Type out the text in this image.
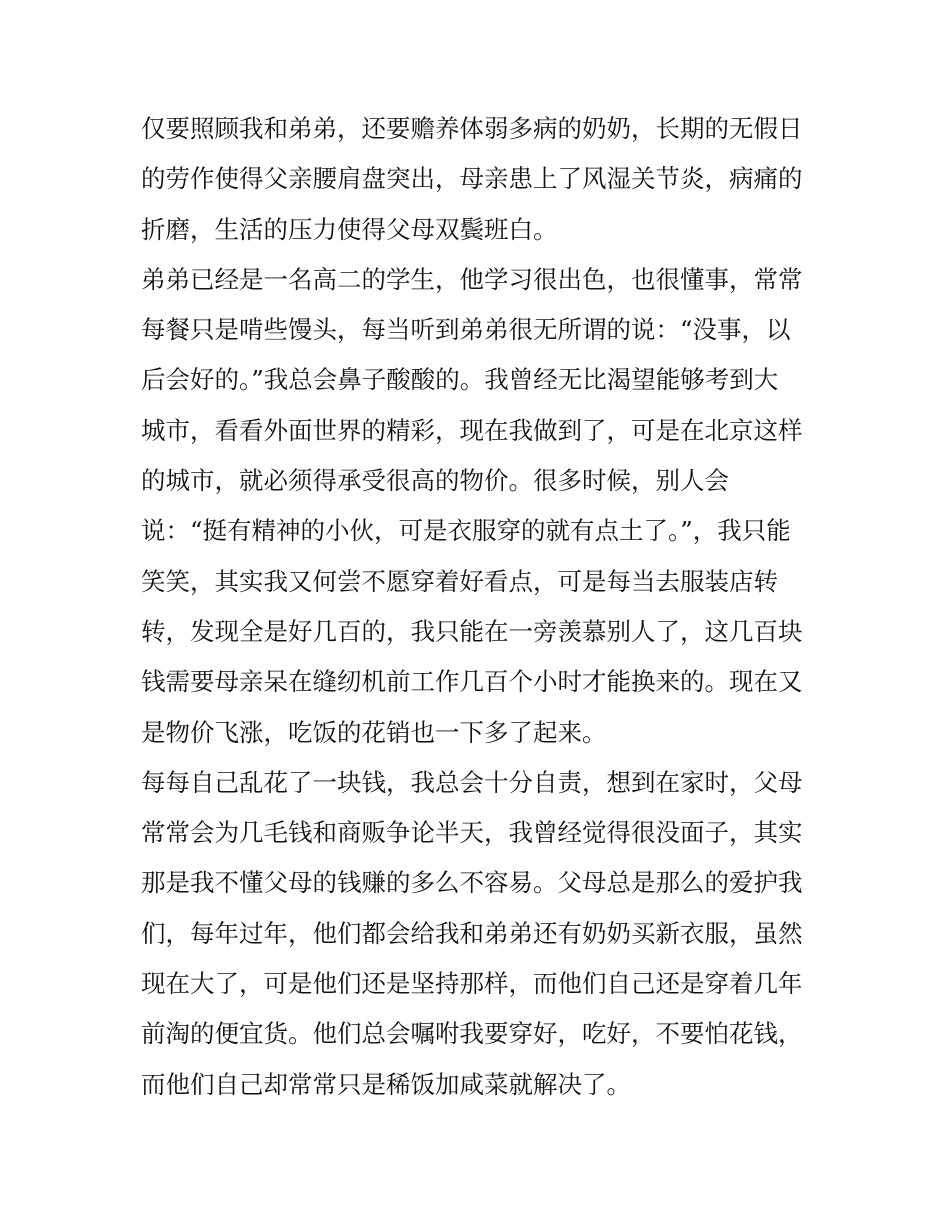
仅要照顾我和弟弟，还要赡养体弱多病的奶奶，长期的无假日
的劳作使得父亲腰肩盘突出，母亲患上了风湿关节炎，病痛的
折磨，生活的压力使得父母双鬓班白。
弟弟已经是一名高二的学生，他学习很出色，也很懂事，常常
每餐只是啃些馒头，每当听到弟弟很无所谓的说：“没事，以
后会好的。”我总会鼻子酸酸的。我曾经无比渴望能够考到大
城市，看看外面世界的精彩，现在我做到了，可是在北京这样
的城市，就必须得承受很高的物价。很多时候，别人会
说：“挺有精神的小伙，可是衣服穿的就有点土了。”，我只能
笑笑，其实我又何尝不愿穿着好看点，可是每当去服装店转
转，发现全是好几百的，我只能在一旁羡慕别人了，这几百块
钱需要母亲呆在缝纫机前工作几百个小时才能换来的。现在又
是物价飞涨，吃饭的花销也一下多了起来。
每每自己乱花了一块钱，我总会十分自责，想到在家时，父母
常常会为几毛钱和商贩争论半天，我曾经觉得很没面子，其实
那是我不懂父母的钱赚的多么不容易。父母总是那么的爱护我
们，每年过年，他们都会给我和弟弟还有奶奶买新衣服，虽然
现在大了，可是他们还是坚持那样，而他们自己还是穿着几年
前淘的便宜货。他们总会嘱咐我要穿好，吃好，不要怕花钱，
而他们自己却常常只是稀饭加咸菜就解决了。
